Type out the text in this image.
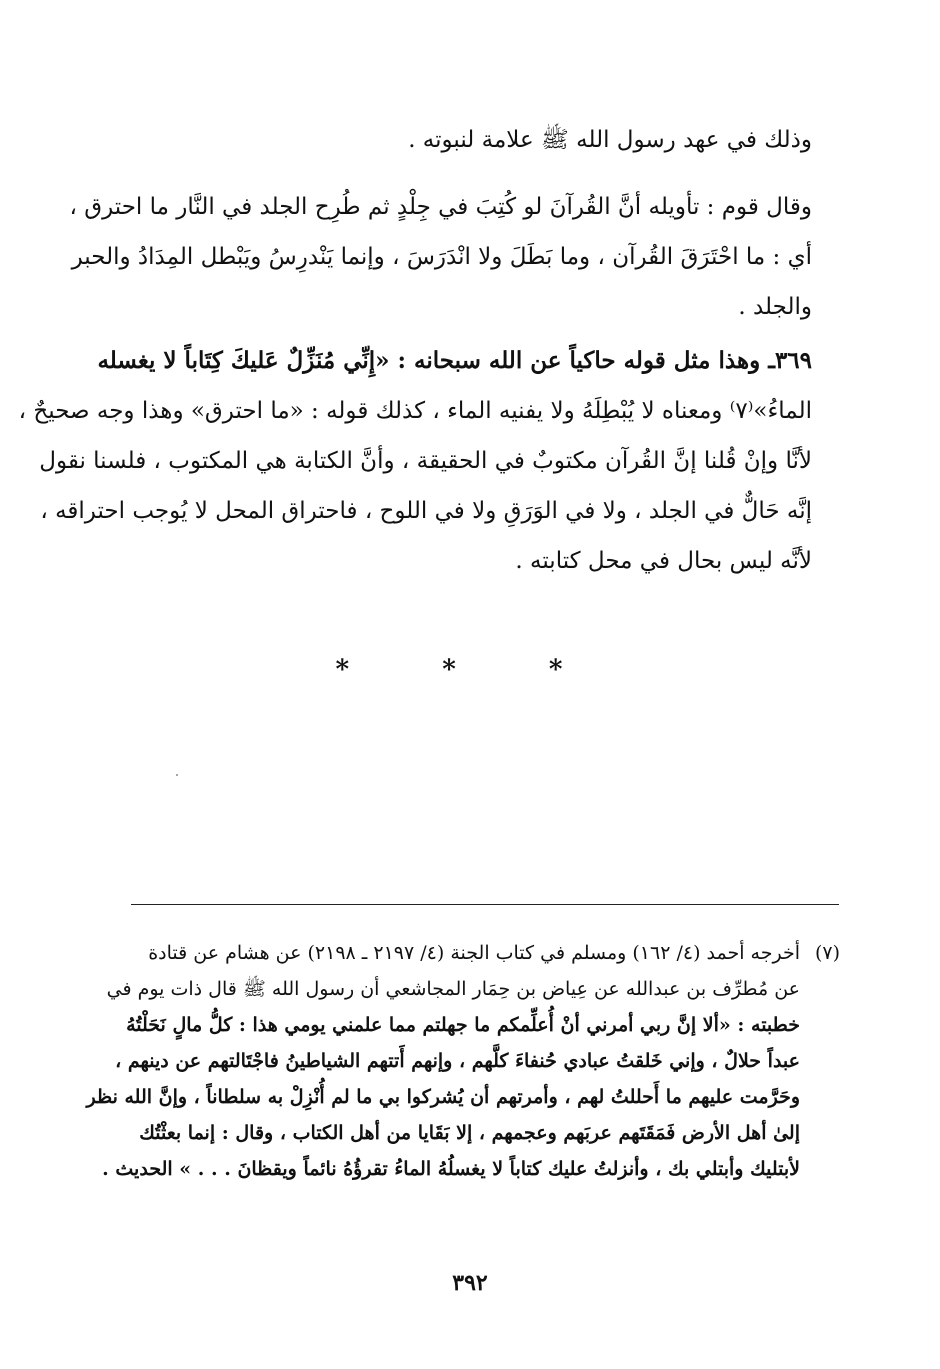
وذلك في عهد رسول الله ﷺ علامة لنبوته .
وقال قوم : تأويله أنَّ القُرآنَ لو كُتِبَ في جِلْدٍ ثم طُرِح الجلد في النَّار ما احترق ،
أي : ما احْتَرَقَ القُرآن ، وما بَطَلَ ولا انْدَرَسَ ، وإنما يَنْدرِسُ ويَبْطل المِدَادُ والحبر
والجلد .
٣٦٩ـ وهذا مثل قوله حاكياً عن الله سبحانه : «إِنِّي مُنَزِّلٌ عَليكَ كِتَاباً لا يغسله
الماءُ»⁽٧⁾ ومعناه لا يُبْطِلَهُ ولا يفنيه الماء ، كذلك قوله : «ما احترق» وهذا وجه صحيحٌ ،
لأنَّا وإنْ قُلنا إنَّ القُرآن مكتوبٌ في الحقيقة ، وأنَّ الكتابة هي المكتوب ، فلسنا نقول
إنَّه حَالٌّ في الجلد ، ولا في الوَرَقِ ولا في اللوح ، فاحتراق المحل لا يُوجب احتراقه ،
لأنَّه ليس بحال في محل كتابته .
* * *
(٧)
أخرجه أحمد (٤/ ١٦٢) ومسلم في كتاب الجنة (٤/ ٢١٩٧ ـ ٢١٩٨) عن هشام عن قتادة
عن مُطرِّف بن عبدالله عن عِياض بن حِمَار المجاشعي أن رسول الله ﷺ قال ذات يوم في
خطبته : «ألا إنَّ ربي أمرني أنْ أُعلِّمكم ما جهلتم مما علمني يومي هذا : كلُّ مالٍ نَحَلْتُهُ
عبداً حلالٌ ، وإني خَلقتُ عبادي حُنفاءَ كلَّهم ، وإنهم أَتتهم الشياطينُ فاجْتَالتهم عن دينهم ،
وحَرَّمت عليهم ما أَحللتُ لهم ، وأمرتهم أن يُشركوا بي ما لم أُنْزِلْ به سلطاناً ، وإنَّ الله نظر
إلىٰ أهل الأرض فَمَقَتَهم عربَهم وعجمهم ، إلا بَقَايا من أهل الكتاب ، وقال : إنما بعثْتُك
لأبتليك وأبتلي بك ، وأنزلتُ عليك كتاباً لا يغسلُهُ الماءُ تقرؤُهُ نائماً ويقظانَ . . . » الحديث .
٣٩٢
